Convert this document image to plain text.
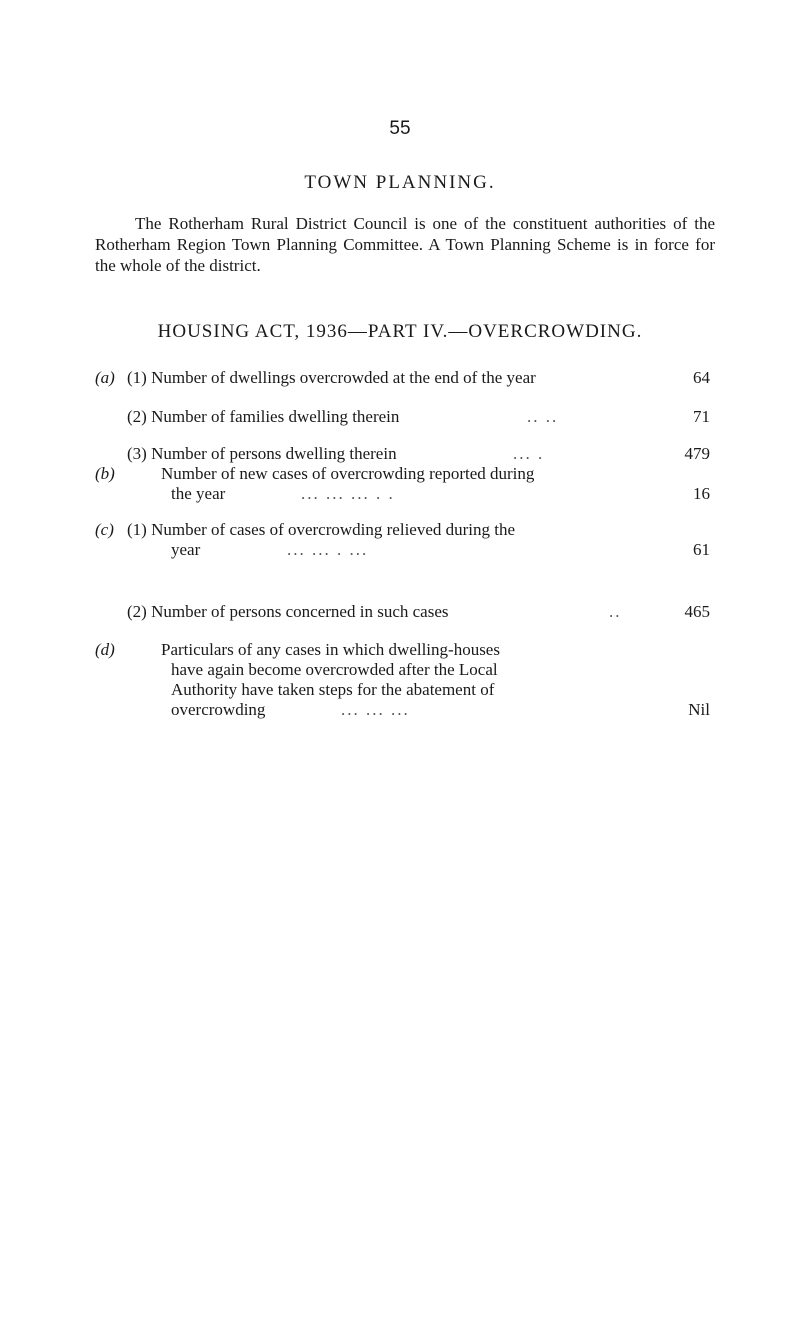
55
TOWN PLANNING.
The Rotherham Rural District Council is one of the constituent authorities of the Rotherham Region Town Planning Committee. A Town Planning Scheme is in force for the whole of the district.
HOUSING ACT, 1936—PART IV.—OVERCROWDING.
(a) (1) Number of dwellings overcrowded at the end of the year	64
(2) Number of families dwelling therein	.. ..	71
(3) Number of persons dwelling therein	... .	479
(b)	Number of new cases of overcrowding reported during
the year	... ... ... . .	16
(c) (1) Number of cases of overcrowding relieved during the
year	... ... . ...	61
(2) Number of persons concerned in such cases	..	465
(d)	Particulars of any cases in which dwelling-houses
have again become overcrowded after the Local
Authority have taken steps for the abatement of
overcrowding	... ... ...	Nil
